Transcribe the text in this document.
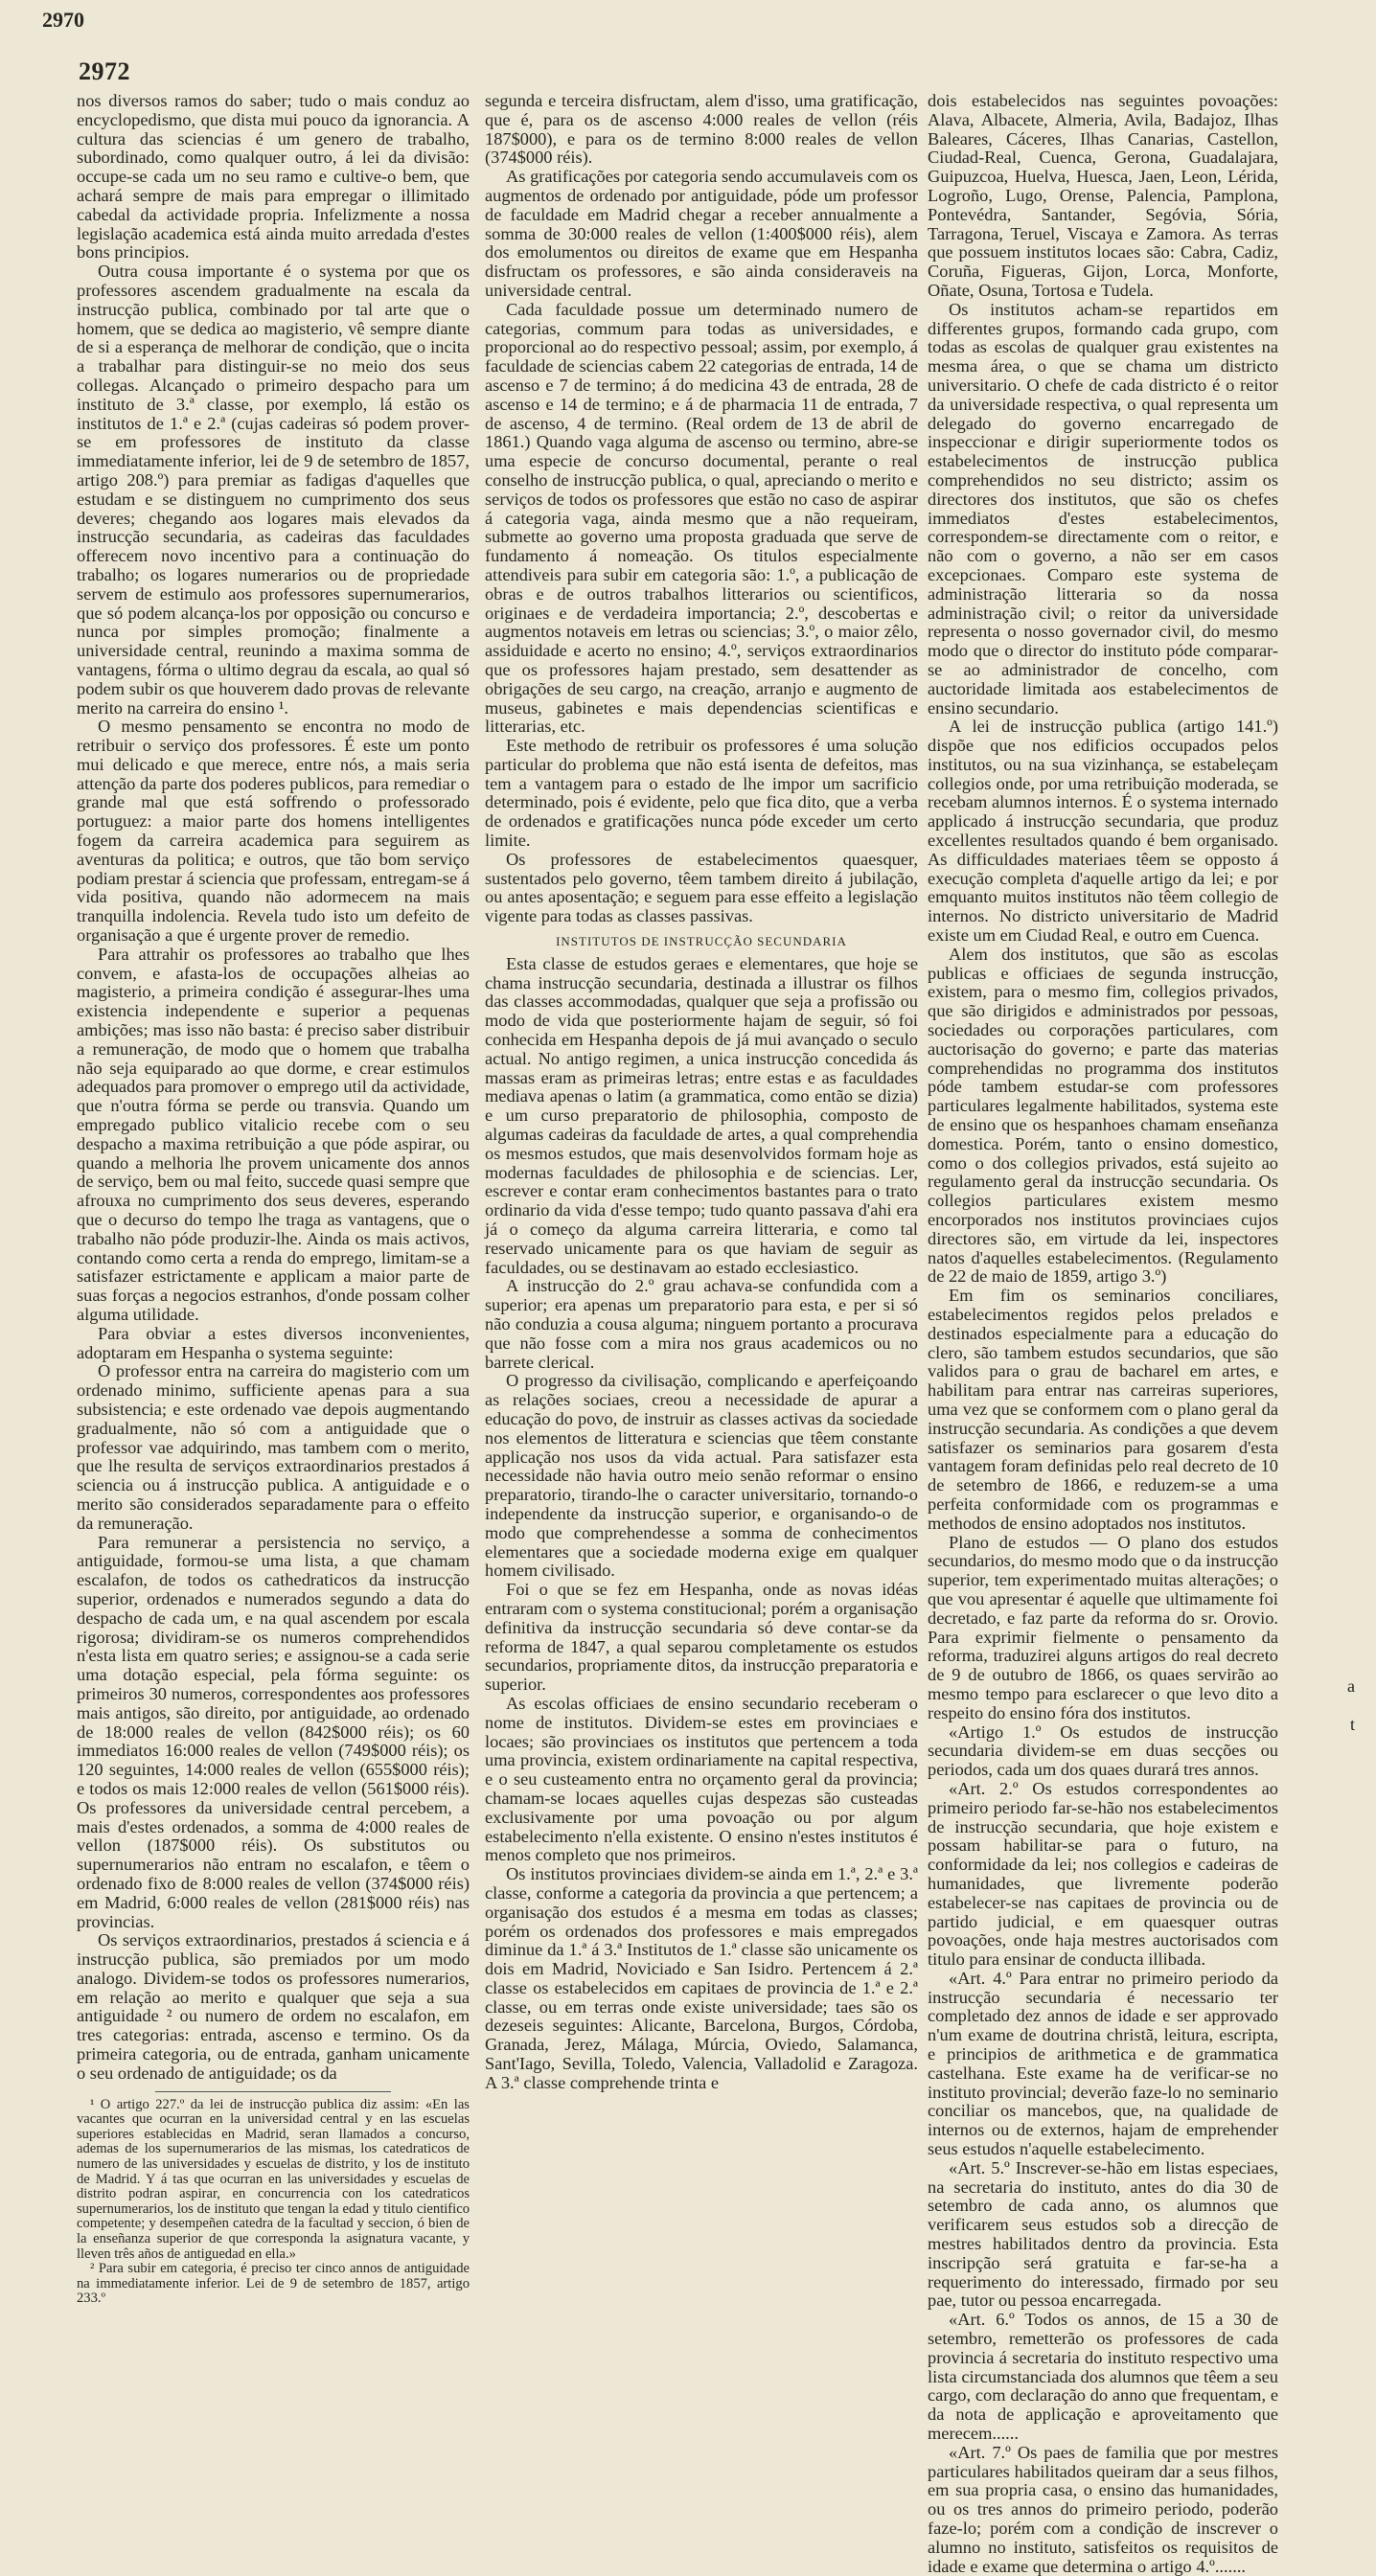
2970
2972
a
t

nos diversos ramos do saber; tudo o mais conduz ao encyclopedismo, que dista mui pouco da ignorancia. A cultura das sciencias é um genero de trabalho, subordinado, como qualquer outro, á lei da divisão: occupe-se cada um no seu ramo e cultive-o bem, que achará sempre de mais para empregar o illimitado cabedal da actividade propria. Infelizmente a nossa legislação academica está ainda muito arredada d'estes bons principios.

Outra cousa importante é o systema por que os professores ascendem gradualmente na escala da instrucção publica, combinado por tal arte que o homem, que se dedica ao magisterio, vê sempre diante de si a esperança de melhorar de condição, que o incita a trabalhar para distinguir-se no meio dos seus collegas. Alcançado o primeiro despacho para um instituto de 3.ª classe, por exemplo, lá estão os institutos de 1.ª e 2.ª (cujas cadeiras só podem prover-se em professores de instituto da classe immediatamente inferior, lei de 9 de setembro de 1857, artigo 208.º) para premiar as fadigas d'aquelles que estudam e se distinguem no cumprimento dos seus deveres; chegando aos logares mais elevados da instrucção secundaria, as cadeiras das faculdades offerecem novo incentivo para a continuação do trabalho; os logares numerarios ou de propriedade servem de estimulo aos professores supernumerarios, que só podem alcança-los por opposição ou concurso e nunca por simples promoção; finalmente a universidade central, reunindo a maxima somma de vantagens, fórma o ultimo degrau da escala, ao qual só podem subir os que houverem dado provas de relevante merito na carreira do ensino ¹.

O mesmo pensamento se encontra no modo de retribuir o serviço dos professores. É este um ponto mui delicado e que merece, entre nós, a mais seria attenção da parte dos poderes publicos, para remediar o grande mal que está soffrendo o professorado portuguez: a maior parte dos homens intelligentes fogem da carreira academica para seguirem as aventuras da politica; e outros, que tão bom serviço podiam prestar á sciencia que professam, entregam-se á vida positiva, quando não adormecem na mais tranquilla indolencia. Revela tudo isto um defeito de organisação a que é urgente prover de remedio.

Para attrahir os professores ao trabalho que lhes convem, e afasta-los de occupações alheias ao magisterio, a primeira condição é assegurar-lhes uma existencia independente e superior a pequenas ambições; mas isso não basta: é preciso saber distribuir a remuneração, de modo que o homem que trabalha não seja equiparado ao que dorme, e crear estimulos adequados para promover o emprego util da actividade, que n'outra fórma se perde ou transvia. Quando um empregado publico vitalicio recebe com o seu despacho a maxima retribuição a que póde aspirar, ou quando a melhoria lhe provem unicamente dos annos de serviço, bem ou mal feito, succede quasi sempre que afrouxa no cumprimento dos seus deveres, esperando que o decurso do tempo lhe traga as vantagens, que o trabalho não póde produzir-lhe. Ainda os mais activos, contando como certa a renda do emprego, limitam-se a satisfazer estrictamente e applicam a maior parte de suas forças a negocios estranhos, d'onde possam colher alguma utilidade.

Para obviar a estes diversos inconvenientes, adoptaram em Hespanha o systema seguinte:

O professor entra na carreira do magisterio com um ordenado minimo, sufficiente apenas para a sua subsistencia; e este ordenado vae depois augmentando gradualmente, não só com a antiguidade que o professor vae adquirindo, mas tambem com o merito, que lhe resulta de serviços extraordinarios prestados á sciencia ou á instrucção publica. A antiguidade e o merito são considerados separadamente para o effeito da remuneração.

Para remunerar a persistencia no serviço, a antiguidade, formou-se uma lista, a que chamam escalafon, de todos os cathedraticos da instrucção superior, ordenados e numerados segundo a data do despacho de cada um, e na qual ascendem por escala rigorosa; dividiram-se os numeros comprehendidos n'esta lista em quatro series; e assignou-se a cada serie uma dotação especial, pela fórma seguinte: os primeiros 30 numeros, correspondentes aos professores mais antigos, são direito, por antiguidade, ao ordenado de 18:000 reales de vellon (842$000 réis); os 60 immediatos 16:000 reales de vellon (749$000 réis); os 120 seguintes, 14:000 reales de vellon (655$000 réis); e todos os mais 12:000 reales de vellon (561$000 réis). Os professores da universidade central percebem, a mais d'estes ordenados, a somma de 4:000 reales de vellon (187$000 réis). Os substitutos ou supernumerarios não entram no escalafon, e têem o ordenado fixo de 8:000 reales de vellon (374$000 réis) em Madrid, 6:000 reales de vellon (281$000 réis) nas provincias.

Os serviços extraordinarios, prestados á sciencia e á instrucção publica, são premiados por um modo analogo. Dividem-se todos os professores numerarios, em relação ao merito e qualquer que seja a sua antiguidade ² ou numero de ordem no escalafon, em tres categorias: entrada, ascenso e termino. Os da primeira categoria, ou de entrada, ganham unicamente o seu ordenado de antiguidade; os da

¹ O artigo 227.º da lei de instrucção publica diz assim: «En las vacantes que ocurran en la universidad central y en las escuelas superiores establecidas en Madrid, seran llamados a concurso, ademas de los supernumerarios de las mismas, los catedraticos de numero de las universidades y escuelas de distrito, y los de instituto de Madrid. Y á tas que ocurran en las universidades y escuelas de distrito podran aspirar, en concurrencia con los catedraticos supernumerarios, los de instituto que tengan la edad y titulo cientifico competente; y desempeñen catedra de la facultad y seccion, ó bien de la enseñanza superior de que corresponda la asignatura vacante, y lleven três años de antiguedad en ella.»

² Para subir em categoria, é preciso ter cinco annos de antiguidade na immediatamente inferior. Lei de 9 de setembro de 1857, artigo 233.º

segunda e terceira disfructam, alem d'isso, uma gratificação, que é, para os de ascenso 4:000 reales de vellon (réis 187$000), e para os de termino 8:000 reales de vellon (374$000 réis).

As gratificações por categoria sendo accumulaveis com os augmentos de ordenado por antiguidade, póde um professor de faculdade em Madrid chegar a receber annualmente a somma de 30:000 reales de vellon (1:400$000 réis), alem dos emolumentos ou direitos de exame que em Hespanha disfructam os professores, e são ainda consideraveis na universidade central.

Cada faculdade possue um determinado numero de categorias, commum para todas as universidades, e proporcional ao do respectivo pessoal; assim, por exemplo, á faculdade de sciencias cabem 22 categorias de entrada, 14 de ascenso e 7 de termino; á do medicina 43 de entrada, 28 de ascenso e 14 de termino; e á de pharmacia 11 de entrada, 7 de ascenso, 4 de termino. (Real ordem de 13 de abril de 1861.) Quando vaga alguma de ascenso ou termino, abre-se uma especie de concurso documental, perante o real conselho de instrucção publica, o qual, apreciando o merito e serviços de todos os professores que estão no caso de aspirar á categoria vaga, ainda mesmo que a não requeiram, submette ao governo uma proposta graduada que serve de fundamento á nomeação. Os titulos especialmente attendiveis para subir em categoria são: 1.º, a publicação de obras e de outros trabalhos litterarios ou scientificos, originaes e de verdadeira importancia; 2.º, descobertas e augmentos notaveis em letras ou sciencias; 3.º, o maior zêlo, assiduidade e acerto no ensino; 4.º, serviços extraordinarios que os professores hajam prestado, sem desattender as obrigações de seu cargo, na creação, arranjo e augmento de museus, gabinetes e mais dependencias scientificas e litterarias, etc.

Este methodo de retribuir os professores é uma solução particular do problema que não está isenta de defeitos, mas tem a vantagem para o estado de lhe impor um sacrificio determinado, pois é evidente, pelo que fica dito, que a verba de ordenados e gratificações nunca póde exceder um certo limite.

Os professores de estabelecimentos quaesquer, sustentados pelo governo, têem tambem direito á jubilação, ou antes aposentação; e seguem para esse effeito a legislação vigente para todas as classes passivas.

INSTITUTOS DE INSTRUCÇÃO SECUNDARIA

Esta classe de estudos geraes e elementares, que hoje se chama instrucção secundaria, destinada a illustrar os filhos das classes accommodadas, qualquer que seja a profissão ou modo de vida que posteriormente hajam de seguir, só foi conhecida em Hespanha depois de já mui avançado o seculo actual. No antigo regimen, a unica instrucção concedida ás massas eram as primeiras letras; entre estas e as faculdades mediava apenas o latim (a grammatica, como então se dizia) e um curso preparatorio de philosophia, composto de algumas cadeiras da faculdade de artes, a qual comprehendia os mesmos estudos, que mais desenvolvidos formam hoje as modernas faculdades de philosophia e de sciencias. Ler, escrever e contar eram conhecimentos bastantes para o trato ordinario da vida d'esse tempo; tudo quanto passava d'ahi era já o começo da alguma carreira litteraria, e como tal reservado unicamente para os que haviam de seguir as faculdades, ou se destinavam ao estado ecclesiastico.

A instrucção do 2.º grau achava-se confundida com a superior; era apenas um preparatorio para esta, e per si só não conduzia a cousa alguma; ninguem portanto a procurava que não fosse com a mira nos graus academicos ou no barrete clerical.

O progresso da civilisação, complicando e aperfeiçoando as relações sociaes, creou a necessidade de apurar a educação do povo, de instruir as classes activas da sociedade nos elementos de litteratura e sciencias que têem constante applicação nos usos da vida actual. Para satisfazer esta necessidade não havia outro meio senão reformar o ensino preparatorio, tirando-lhe o caracter universitario, tornando-o independente da instrucção superior, e organisando-o de modo que comprehendesse a somma de conhecimentos elementares que a sociedade moderna exige em qualquer homem civilisado.

Foi o que se fez em Hespanha, onde as novas idéas entraram com o systema constitucional; porém a organisação definitiva da instrucção secundaria só deve contar-se da reforma de 1847, a qual separou completamente os estudos secundarios, propriamente ditos, da instrucção preparatoria e superior.

As escolas officiaes de ensino secundario receberam o nome de institutos. Dividem-se estes em provinciaes e locaes; são provinciaes os institutos que pertencem a toda uma provincia, existem ordinariamente na capital respectiva, e o seu custeamento entra no orçamento geral da provincia; chamam-se locaes aquelles cujas despezas são custeadas exclusivamente por uma povoação ou por algum estabelecimento n'ella existente. O ensino n'estes institutos é menos completo que nos primeiros.

Os institutos provinciaes dividem-se ainda em 1.ª, 2.ª e 3.ª classe, conforme a categoria da provincia a que pertencem; a organisação dos estudos é a mesma em todas as classes; porém os ordenados dos professores e mais empregados diminue da 1.ª á 3.ª Institutos de 1.ª classe são unicamente os dois em Madrid, Noviciado e San Isidro. Pertencem á 2.ª classe os estabelecidos em capitaes de provincia de 1.ª e 2.ª classe, ou em terras onde existe universidade; taes são os dezeseis seguintes: Alicante, Barcelona, Burgos, Córdoba, Granada, Jerez, Málaga, Múrcia, Oviedo, Salamanca, Sant'Iago, Sevilla, Toledo, Valencia, Valladolid e Zaragoza. A 3.ª classe comprehende trinta e

dois estabelecidos nas seguintes povoações: Alava, Albacete, Almeria, Avila, Badajoz, Ilhas Baleares, Cáceres, Ilhas Canarias, Castellon, Ciudad-Real, Cuenca, Gerona, Guadalajara, Guipuzcoa, Huelva, Huesca, Jaen, Leon, Lérida, Logroño, Lugo, Orense, Palencia, Pamplona, Pontevédra, Santander, Segóvia, Sória, Tarragona, Teruel, Viscaya e Zamora. As terras que possuem institutos locaes são: Cabra, Cadiz, Coruña, Figueras, Gijon, Lorca, Monforte, Oñate, Osuna, Tortosa e Tudela.

Os institutos acham-se repartidos em differentes grupos, formando cada grupo, com todas as escolas de qualquer grau existentes na mesma área, o que se chama um districto universitario. O chefe de cada districto é o reitor da universidade respectiva, o qual representa um delegado do governo encarregado de inspeccionar e dirigir superiormente todos os estabelecimentos de instrucção publica comprehendidos no seu districto; assim os directores dos institutos, que são os chefes immediatos d'estes estabelecimentos, correspondem-se directamente com o reitor, e não com o governo, a não ser em casos excepcionaes. Comparo este systema de administração litteraria so da nossa administração civil; o reitor da universidade representa o nosso governador civil, do mesmo modo que o director do instituto póde comparar-se ao administrador de concelho, com auctoridade limitada aos estabelecimentos de ensino secundario.

A lei de instrucção publica (artigo 141.º) dispõe que nos edificios occupados pelos institutos, ou na sua vizinhança, se estabeleçam collegios onde, por uma retribuição moderada, se recebam alumnos internos. É o systema internado applicado á instrucção secundaria, que produz excellentes resultados quando é bem organisado. As difficuldades materiaes têem se opposto á execução completa d'aquelle artigo da lei; e por emquanto muitos institutos não têem collegio de internos. No districto universitario de Madrid existe um em Ciudad Real, e outro em Cuenca.

Alem dos institutos, que são as escolas publicas e officiaes de segunda instrucção, existem, para o mesmo fim, collegios privados, que são dirigidos e administrados por pessoas, sociedades ou corporações particulares, com auctorisação do governo; e parte das materias comprehendidas no programma dos institutos póde tambem estudar-se com professores particulares legalmente habilitados, systema este de ensino que os hespanhoes chamam enseñanza domestica. Porém, tanto o ensino domestico, como o dos collegios privados, está sujeito ao regulamento geral da instrucção secundaria. Os collegios particulares existem mesmo encorporados nos institutos provinciaes cujos directores são, em virtude da lei, inspectores natos d'aquelles estabelecimentos. (Regulamento de 22 de maio de 1859, artigo 3.º)

Em fim os seminarios conciliares, estabelecimentos regidos pelos prelados e destinados especialmente para a educação do clero, são tambem estudos secundarios, que são validos para o grau de bacharel em artes, e habilitam para entrar nas carreiras superiores, uma vez que se conformem com o plano geral da instrucção secundaria. As condições a que devem satisfazer os seminarios para gosarem d'esta vantagem foram definidas pelo real decreto de 10 de setembro de 1866, e reduzem-se a uma perfeita conformidade com os programmas e methodos de ensino adoptados nos institutos.

Plano de estudos — O plano dos estudos secundarios, do mesmo modo que o da instrucção superior, tem experimentado muitas alterações; o que vou apresentar é aquelle que ultimamente foi decretado, e faz parte da reforma do sr. Orovio. Para exprimir fielmente o pensamento da reforma, traduzirei alguns artigos do real decreto de 9 de outubro de 1866, os quaes servirão ao mesmo tempo para esclarecer o que levo dito a respeito do ensino fóra dos institutos.

«Artigo 1.º Os estudos de instrucção secundaria dividem-se em duas secções ou periodos, cada um dos quaes durará tres annos.

«Art. 2.º Os estudos correspondentes ao primeiro periodo far-se-hão nos estabelecimentos de instrucção secundaria, que hoje existem e possam habilitar-se para o futuro, na conformidade da lei; nos collegios e cadeiras de humanidades, que livremente poderão estabelecer-se nas capitaes de provincia ou de partido judicial, e em quaesquer outras povoações, onde haja mestres auctorisados com titulo para ensinar de conducta illibada.

«Art. 4.º Para entrar no primeiro periodo da instrucção secundaria é necessario ter completado dez annos de idade e ser approvado n'um exame de doutrina christã, leitura, escripta, e principios de arithmetica e de grammatica castelhana. Este exame ha de verificar-se no instituto provincial; deverão faze-lo no seminario conciliar os mancebos, que, na qualidade de internos ou de externos, hajam de emprehender seus estudos n'aquelle estabelecimento.

«Art. 5.º Inscrever-se-hão em listas especiaes, na secretaria do instituto, antes do dia 30 de setembro de cada anno, os alumnos que verificarem seus estudos sob a direcção de mestres habilitados dentro da provincia. Esta inscripção será gratuita e far-se-ha a requerimento do interessado, firmado por seu pae, tutor ou pessoa encarregada.

«Art. 6.º Todos os annos, de 15 a 30 de setembro, remetterão os professores de cada provincia á secretaria do instituto respectivo uma lista circumstanciada dos alumnos que têem a seu cargo, com declaração do anno que frequentam, e da nota de applicação e aproveitamento que merecem......

«Art. 7.º Os paes de familia que por mestres particulares habilitados queiram dar a seus filhos, em sua propria casa, o ensino das humanidades, ou os tres annos do primeiro periodo, poderão faze-lo; porém com a condição de inscrever o alumno no instituto, satisfeitos os requisitos de idade e exame que determina o artigo 4.º.......
